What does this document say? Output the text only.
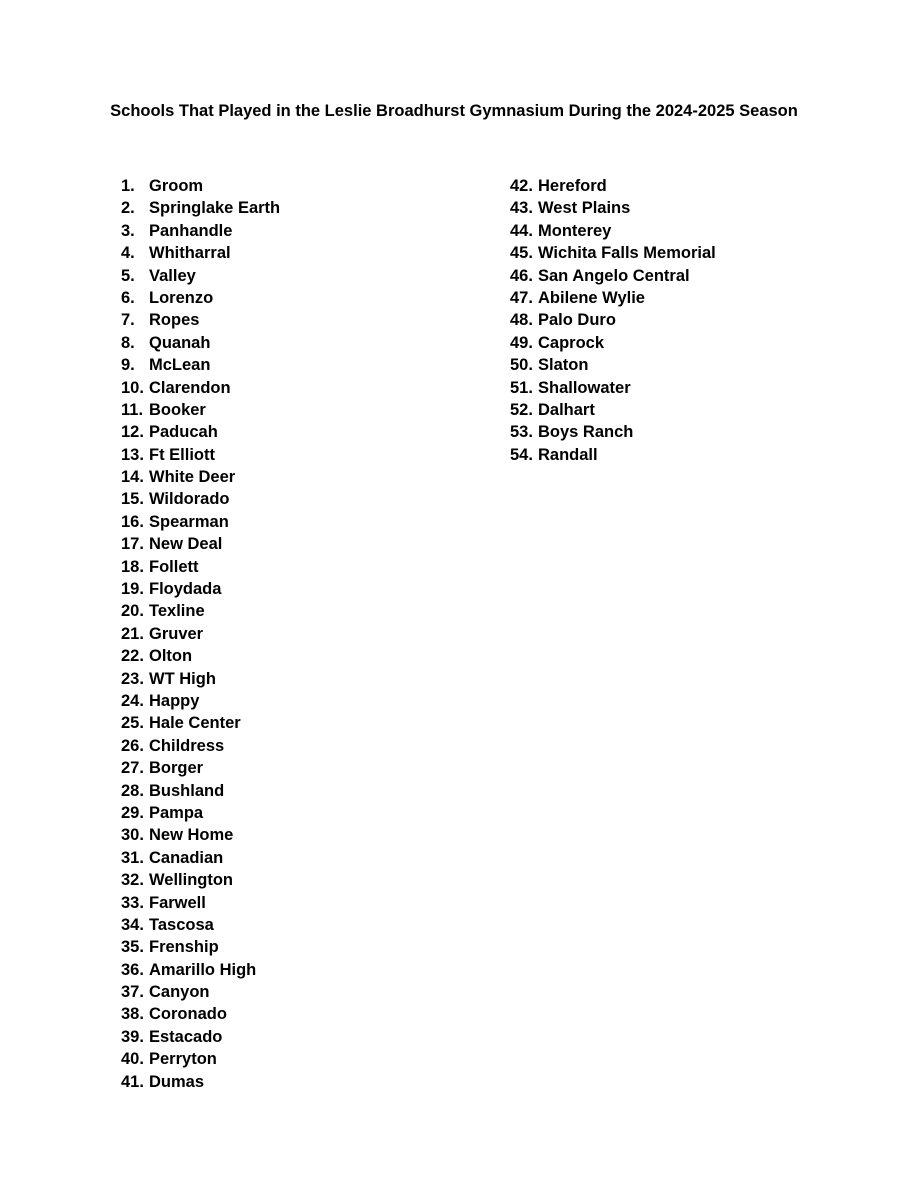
Schools That Played in the Leslie Broadhurst Gymnasium During the 2024-2025 Season
1. Groom
2. Springlake Earth
3. Panhandle
4. Whitharral
5. Valley
6. Lorenzo
7. Ropes
8. Quanah
9. McLean
10. Clarendon
11. Booker
12. Paducah
13. Ft Elliott
14. White Deer
15. Wildorado
16. Spearman
17. New Deal
18. Follett
19. Floydada
20. Texline
21. Gruver
22. Olton
23. WT High
24. Happy
25. Hale Center
26. Childress
27. Borger
28. Bushland
29. Pampa
30. New Home
31. Canadian
32. Wellington
33. Farwell
34. Tascosa
35. Frenship
36. Amarillo High
37. Canyon
38. Coronado
39. Estacado
40. Perryton
41. Dumas
42. Hereford
43. West Plains
44. Monterey
45. Wichita Falls Memorial
46. San Angelo Central
47. Abilene Wylie
48. Palo Duro
49. Caprock
50. Slaton
51. Shallowater
52. Dalhart
53. Boys Ranch
54. Randall
